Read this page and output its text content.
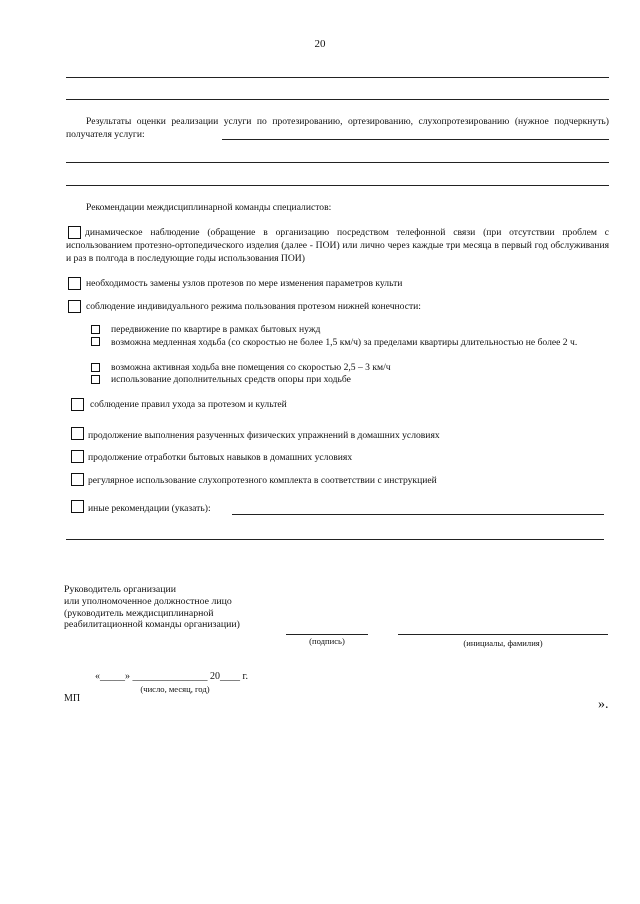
20
Результаты оценки реализации услуги по протезированию, ортезированию, слухопротезированию (нужное подчеркнуть) получателя услуги:
Рекомендации междисциплинарной команды специалистов:
динамическое наблюдение (обращение в организацию посредством телефонной связи (при отсутствии проблем с использованием протезно-ортопедического изделия (далее - ПОИ) или лично через каждые три месяца в первый год обслуживания и раз в полгода в последующие годы использования ПОИ)
необходимость замены узлов протезов по мере изменения параметров культи
соблюдение индивидуального режима пользования протезом нижней конечности:
передвижение по квартире в рамках бытовых нужд
возможна медленная ходьба (со скоростью не более 1,5 км/ч) за пределами квартиры длительностью не более 2 ч.
возможна активная ходьба вне помещения со скоростью 2,5 – 3 км/ч
использование дополнительных средств опоры при ходьбе
соблюдение правил ухода за протезом и культей
продолжение выполнения разученных физических упражнений в домашних условиях
продолжение отработки бытовых навыков в домашних условиях
регулярное использование слухопротезного комплекта в соответствии с инструкцией
иные рекомендации (указать):
Руководитель организации
или уполномоченное должностное лицо
(руководитель междисциплинарной
реабилитационной команды организации)
(подпись)	(инициалы, фамилия)
«_____» _______________ 20____ г.
(число, месяц, год)
МП	».
